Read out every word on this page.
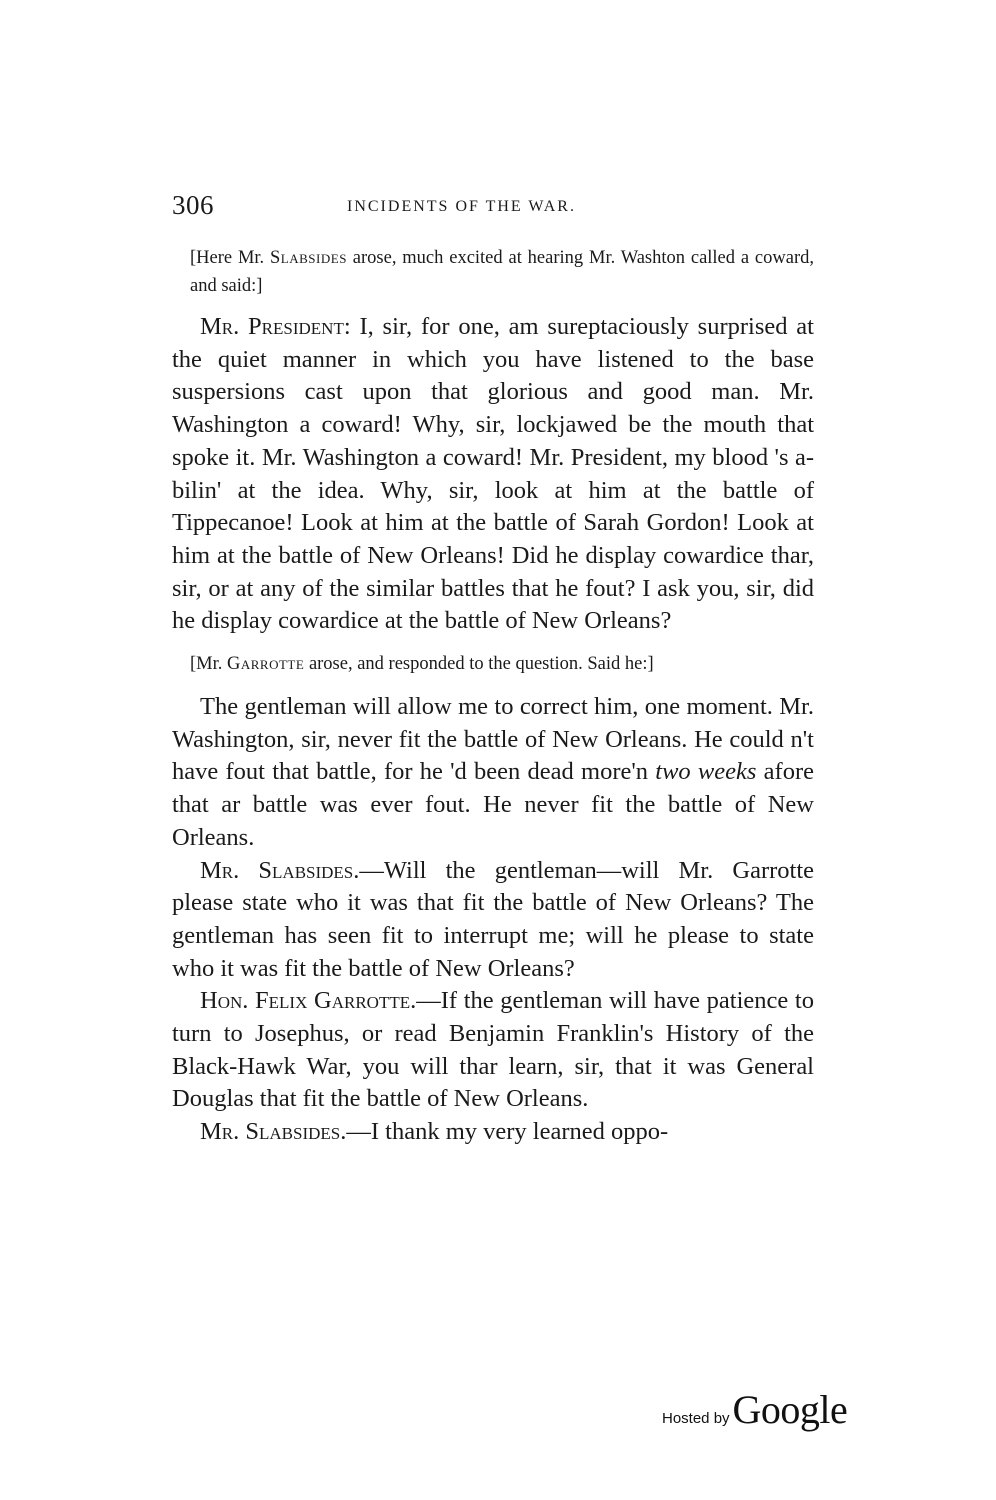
306	INCIDENTS OF THE WAR.

[Here Mr. Slabsides arose, much excited at hearing Mr. Washton called a coward, and said:]

Mr. President: I, sir, for one, am sureptaciously surprised at the quiet manner in which you have listened to the base suspersions cast upon that glorious and good man. Mr. Washington a coward! Why, sir, lockjawed be the mouth that spoke it. Mr. Washington a coward! Mr. President, my blood 's a-bilin' at the idea. Why, sir, look at him at the battle of Tippecanoe! Look at him at the battle of Sarah Gordon! Look at him at the battle of New Orleans! Did he display cowardice thar, sir, or at any of the similar battles that he fout? I ask you, sir, did he display cowardice at the battle of New Orleans?

[Mr. Garrotte arose, and responded to the question. Said he:]

The gentleman will allow me to correct him, one moment. Mr. Washington, sir, never fit the battle of New Orleans. He could n't have fout that battle, for he 'd been dead more'n two weeks afore that ar battle was ever fout. He never fit the battle of New Orleans.

Mr. Slabsides.—Will the gentleman—will Mr. Garrotte please state who it was that fit the battle of New Orleans? The gentleman has seen fit to interrupt me; will he please to state who it was fit the battle of New Orleans?

Hon. Felix Garrotte.—If the gentleman will have patience to turn to Josephus, or read Benjamin Franklin's History of the Black-Hawk War, you will thar learn, sir, that it was General Douglas that fit the battle of New Orleans.

Mr. Slabsides.—I thank my very learned oppo-

Hosted by Google
